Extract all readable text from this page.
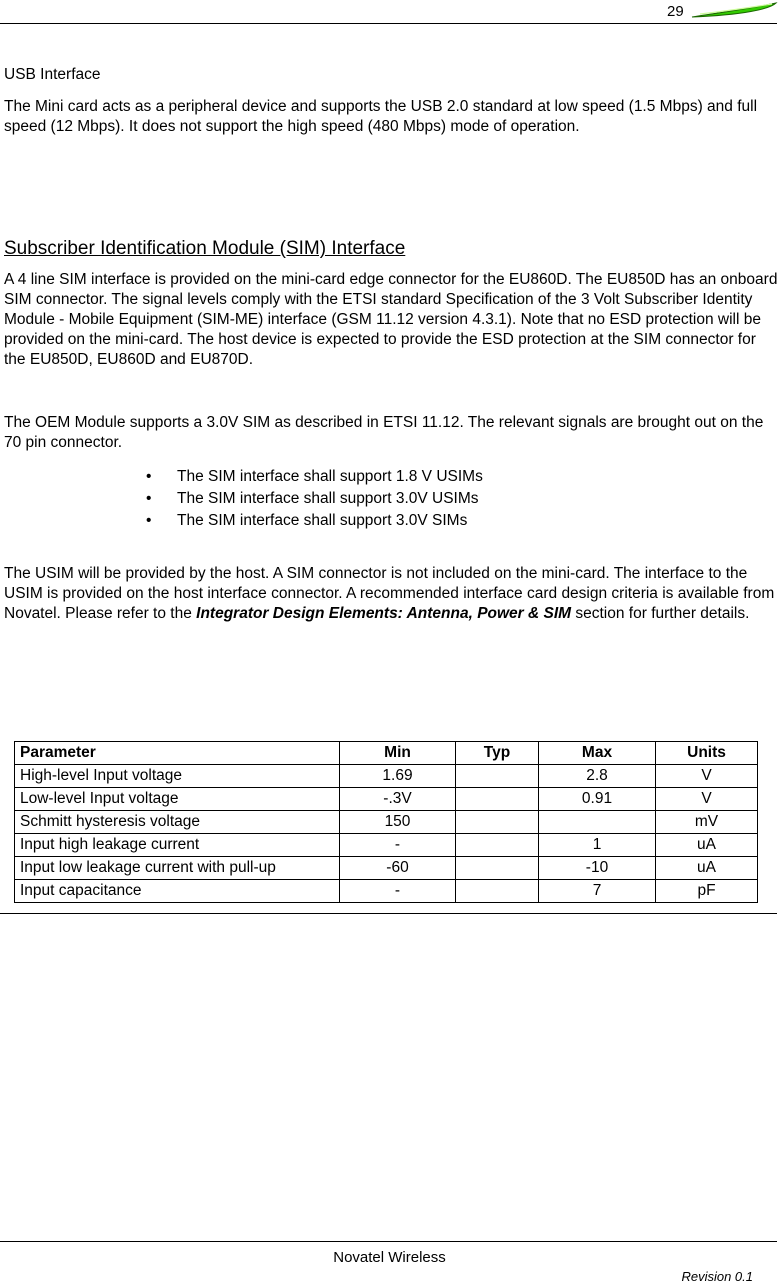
29
USB Interface
The Mini card acts as a peripheral device and supports the USB 2.0 standard at low speed (1.5 Mbps) and full speed (12 Mbps). It does not support the high speed (480 Mbps) mode of operation.
Subscriber Identification Module (SIM) Interface
A 4 line SIM interface is provided on the mini-card edge connector for the EU860D. The EU850D has an onboard SIM connector. The signal levels comply with the ETSI standard Specification of the 3 Volt Subscriber Identity Module - Mobile Equipment (SIM-ME) interface (GSM 11.12 version 4.3.1). Note that no ESD protection will be provided on the mini-card. The host device is expected to provide the ESD protection at the SIM connector for the EU850D, EU860D and EU870D.
The OEM Module supports a 3.0V SIM as described in ETSI 11.12. The relevant signals are brought out on the 70 pin connector.
• The SIM interface shall support 1.8 V USIMs
• The SIM interface shall support 3.0V USIMs
• The SIM interface shall support 3.0V SIMs
The USIM will be provided by the host. A SIM connector is not included on the mini-card. The interface to the USIM is provided on the host interface connector. A recommended interface card design criteria is available from Novatel. Please refer to the Integrator Design Elements: Antenna, Power & SIM section for further details.
Parameter	Min	Typ	Max	Units
High-level Input voltage	1.69		2.8	V
Low-level Input voltage	-.3V		0.91	V
Schmitt hysteresis voltage	150			mV
Input high leakage current	-		1	uA
Input low leakage current with pull-up	-60		-10	uA
Input capacitance	-		7	pF
Novatel Wireless
Revision 0.1
